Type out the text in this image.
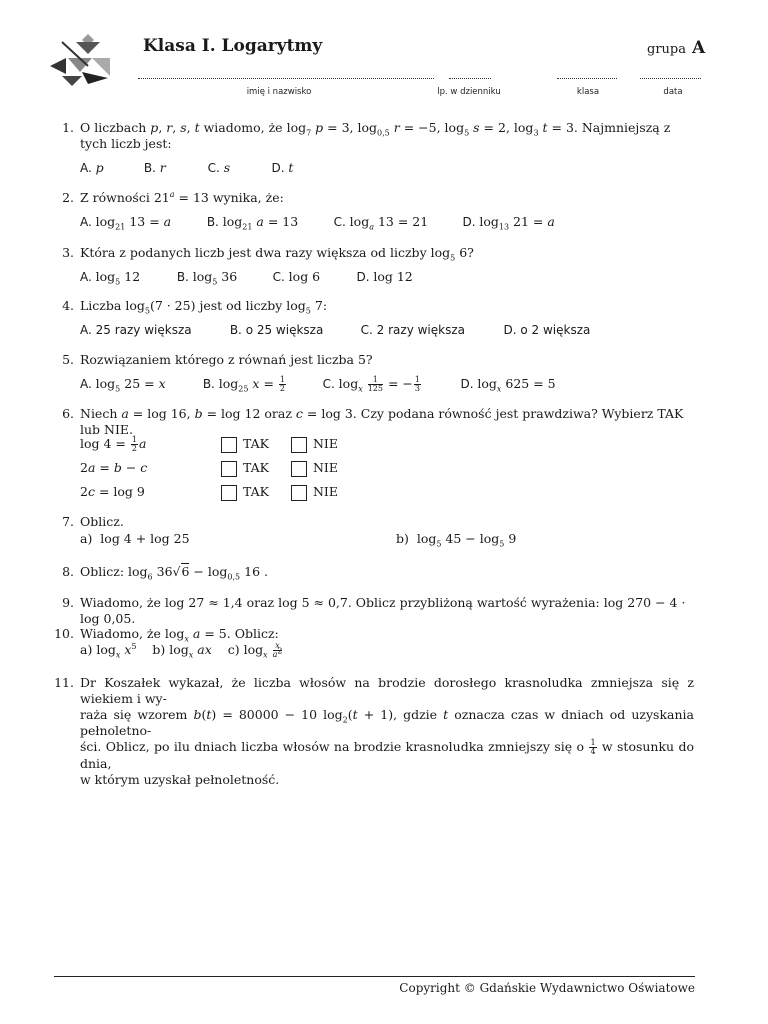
Klasa I. Logarytmy	grupa A
imię i nazwisko	lp. w dzienniku	klasa	data
1. O liczbach p, r, s, t wiadomo, że $\log_7 p = 3$, $\log_{0,5} r = -5$, $\log_5 s = 2$, $\log_3 t = 3$. Najmniejszą z tych liczb jest:
A. p	B. r	C. s	D. t
2. Z równości $21^a = 13$ wynika, że:
A. $\log_{21} 13 = a$	B. $\log_{21} a = 13$	C. $\log_a 13 = 21$	D. $\log_{13} 21 = a$
3. Która z podanych liczb jest dwa razy większa od liczby $\log_5 6$?
A. $\log_5 12$	B. $\log_5 36$	C. log 6	D. log 12
4. Liczba $\log_5(7 \cdot 25)$ jest od liczby $\log_5 7$:
A. 25 razy większa	B. o 25 większa	C. 2 razy większa	D. o 2 większa
5. Rozwiązaniem którego z równań jest liczba 5?
A. $\log_5 25 = x$	B. $\log_{25} x = \frac{1}{2}$	C. $\log_x \frac{1}{125}$ = − $\frac{1}{3}$	D. $\log_x 625 = 5$
6. Niech a = log 16, b = log 12 oraz c = log 3. Czy podana równość jest prawdziwa? Wybierz TAK lub NIE.
$\log 4 = \frac{1}{2}$ a	TAK	NIE
2a = b − c	TAK	NIE
2c = log 9	TAK	NIE
7. Oblicz.
a)  log 4 + log 25	b)  $\log_5 45 - \log_5 9$
8. Oblicz: $\log_6 36√6 - \log_{0,5} 16$ .
9. Wiadomo, że log 27 ≈ 1,4 oraz log 5 ≈ 0,7. Oblicz przybliżoną wartość wyrażenia: log 270 − 4 · log 0,05.
10. Wiadomo, że $\log_x a = 5$. Oblicz:
a) $\log_x x^5$ b) $\log_x$ ax c) $\log_x \frac{x}{a^2}$
11. Dr Koszałek wykazał, że liczba włosów na brodzie dorosłego krasnoludka zmniejsza się z wiekiem i wy-
raża się wzorem b(t) = 80000 − 10 $\log_2(t + 1)$, gdzie t oznacza czas w dniach od uzyskania pełnoletno-
ści. Oblicz, po ilu dniach liczba włosów na brodzie krasnoludka zmniejszy się o $\frac{1}{4}$ w stosunku do dnia,
w którym uzyskał pełnoletność.
Copyright © Gdańskie Wydawnictwo Oświatowe
